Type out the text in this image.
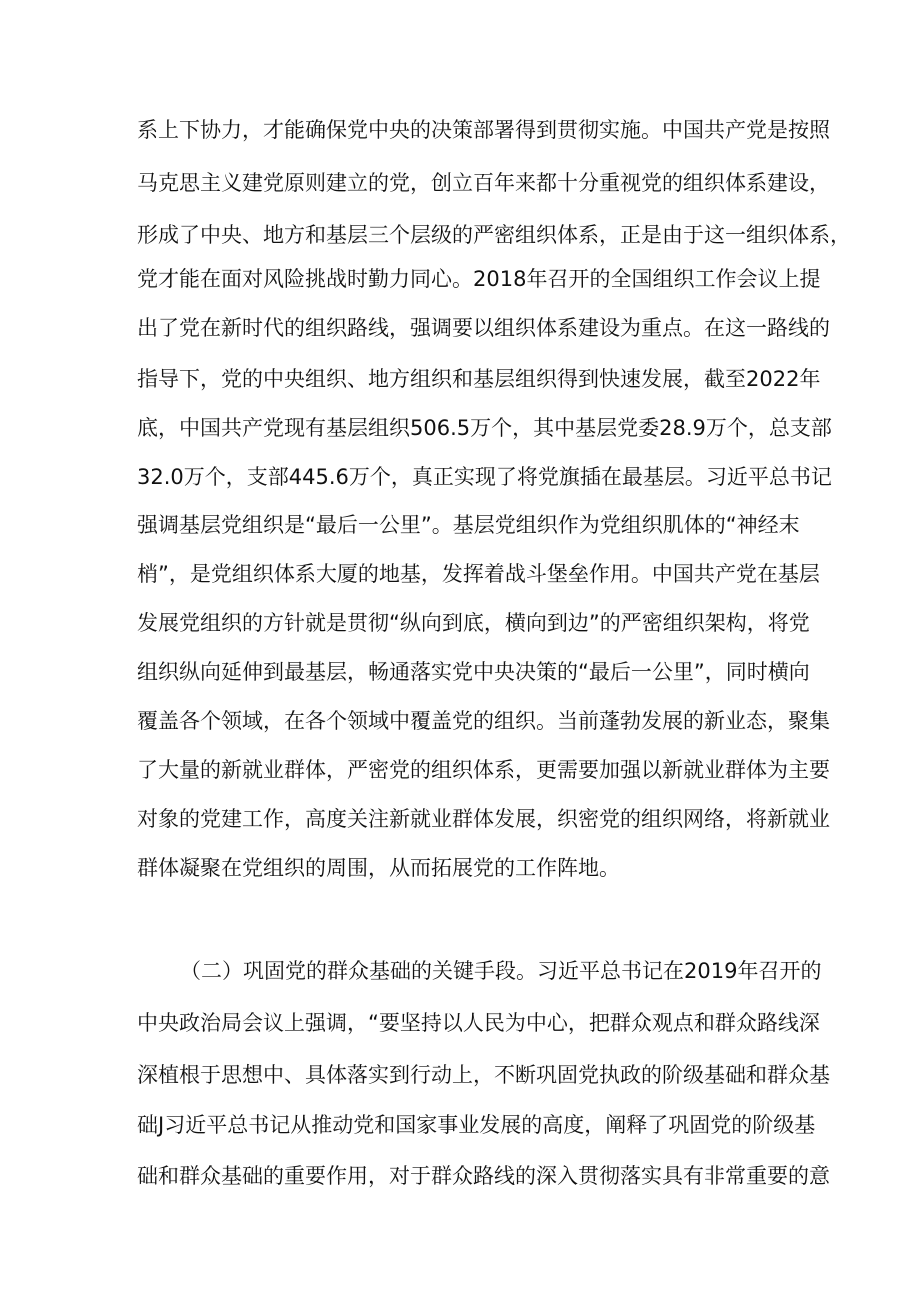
系上下协力，才能确保党中央的决策部署得到贯彻实施。中国共产党是按照
马克思主义建党原则建立的党，创立百年来都十分重视党的组织体系建设，
形成了中央、地方和基层三个层级的严密组织体系，正是由于这一组织体系，
党才能在面对风险挑战时勤力同心。2018年召开的全国组织工作会议上提
出了党在新时代的组织路线，强调要以组织体系建设为重点。在这一路线的
指导下，党的中央组织、地方组织和基层组织得到快速发展，截至2022年
底，中国共产党现有基层组织506.5万个，其中基层党委28.9万个，总支部
32.0万个，支部445.6万个，真正实现了将党旗插在最基层。习近平总书记
强调基层党组织是“最后一公里”。基层党组织作为党组织肌体的“神经末
梢”，是党组织体系大厦的地基，发挥着战斗堡垒作用。中国共产党在基层
发展党组织的方针就是贯彻“纵向到底，横向到边”的严密组织架构，将党
组织纵向延伸到最基层，畅通落实党中央决策的“最后一公里”，同时横向
覆盖各个领域，在各个领域中覆盖党的组织。当前蓬勃发展的新业态，聚集
了大量的新就业群体，严密党的组织体系，更需要加强以新就业群体为主要
对象的党建工作，高度关注新就业群体发展，织密党的组织网络，将新就业
群体凝聚在党组织的周围，从而拓展党的工作阵地。
（二）巩固党的群众基础的关键手段。习近平总书记在2019年召开的
中央政治局会议上强调，“要坚持以人民为中心，把群众观点和群众路线深
深植根于思想中、具体落实到行动上，不断巩固党执政的阶级基础和群众基
础J习近平总书记从推动党和国家事业发展的高度，阐释了巩固党的阶级基
础和群众基础的重要作用，对于群众路线的深入贯彻落实具有非常重要的意
